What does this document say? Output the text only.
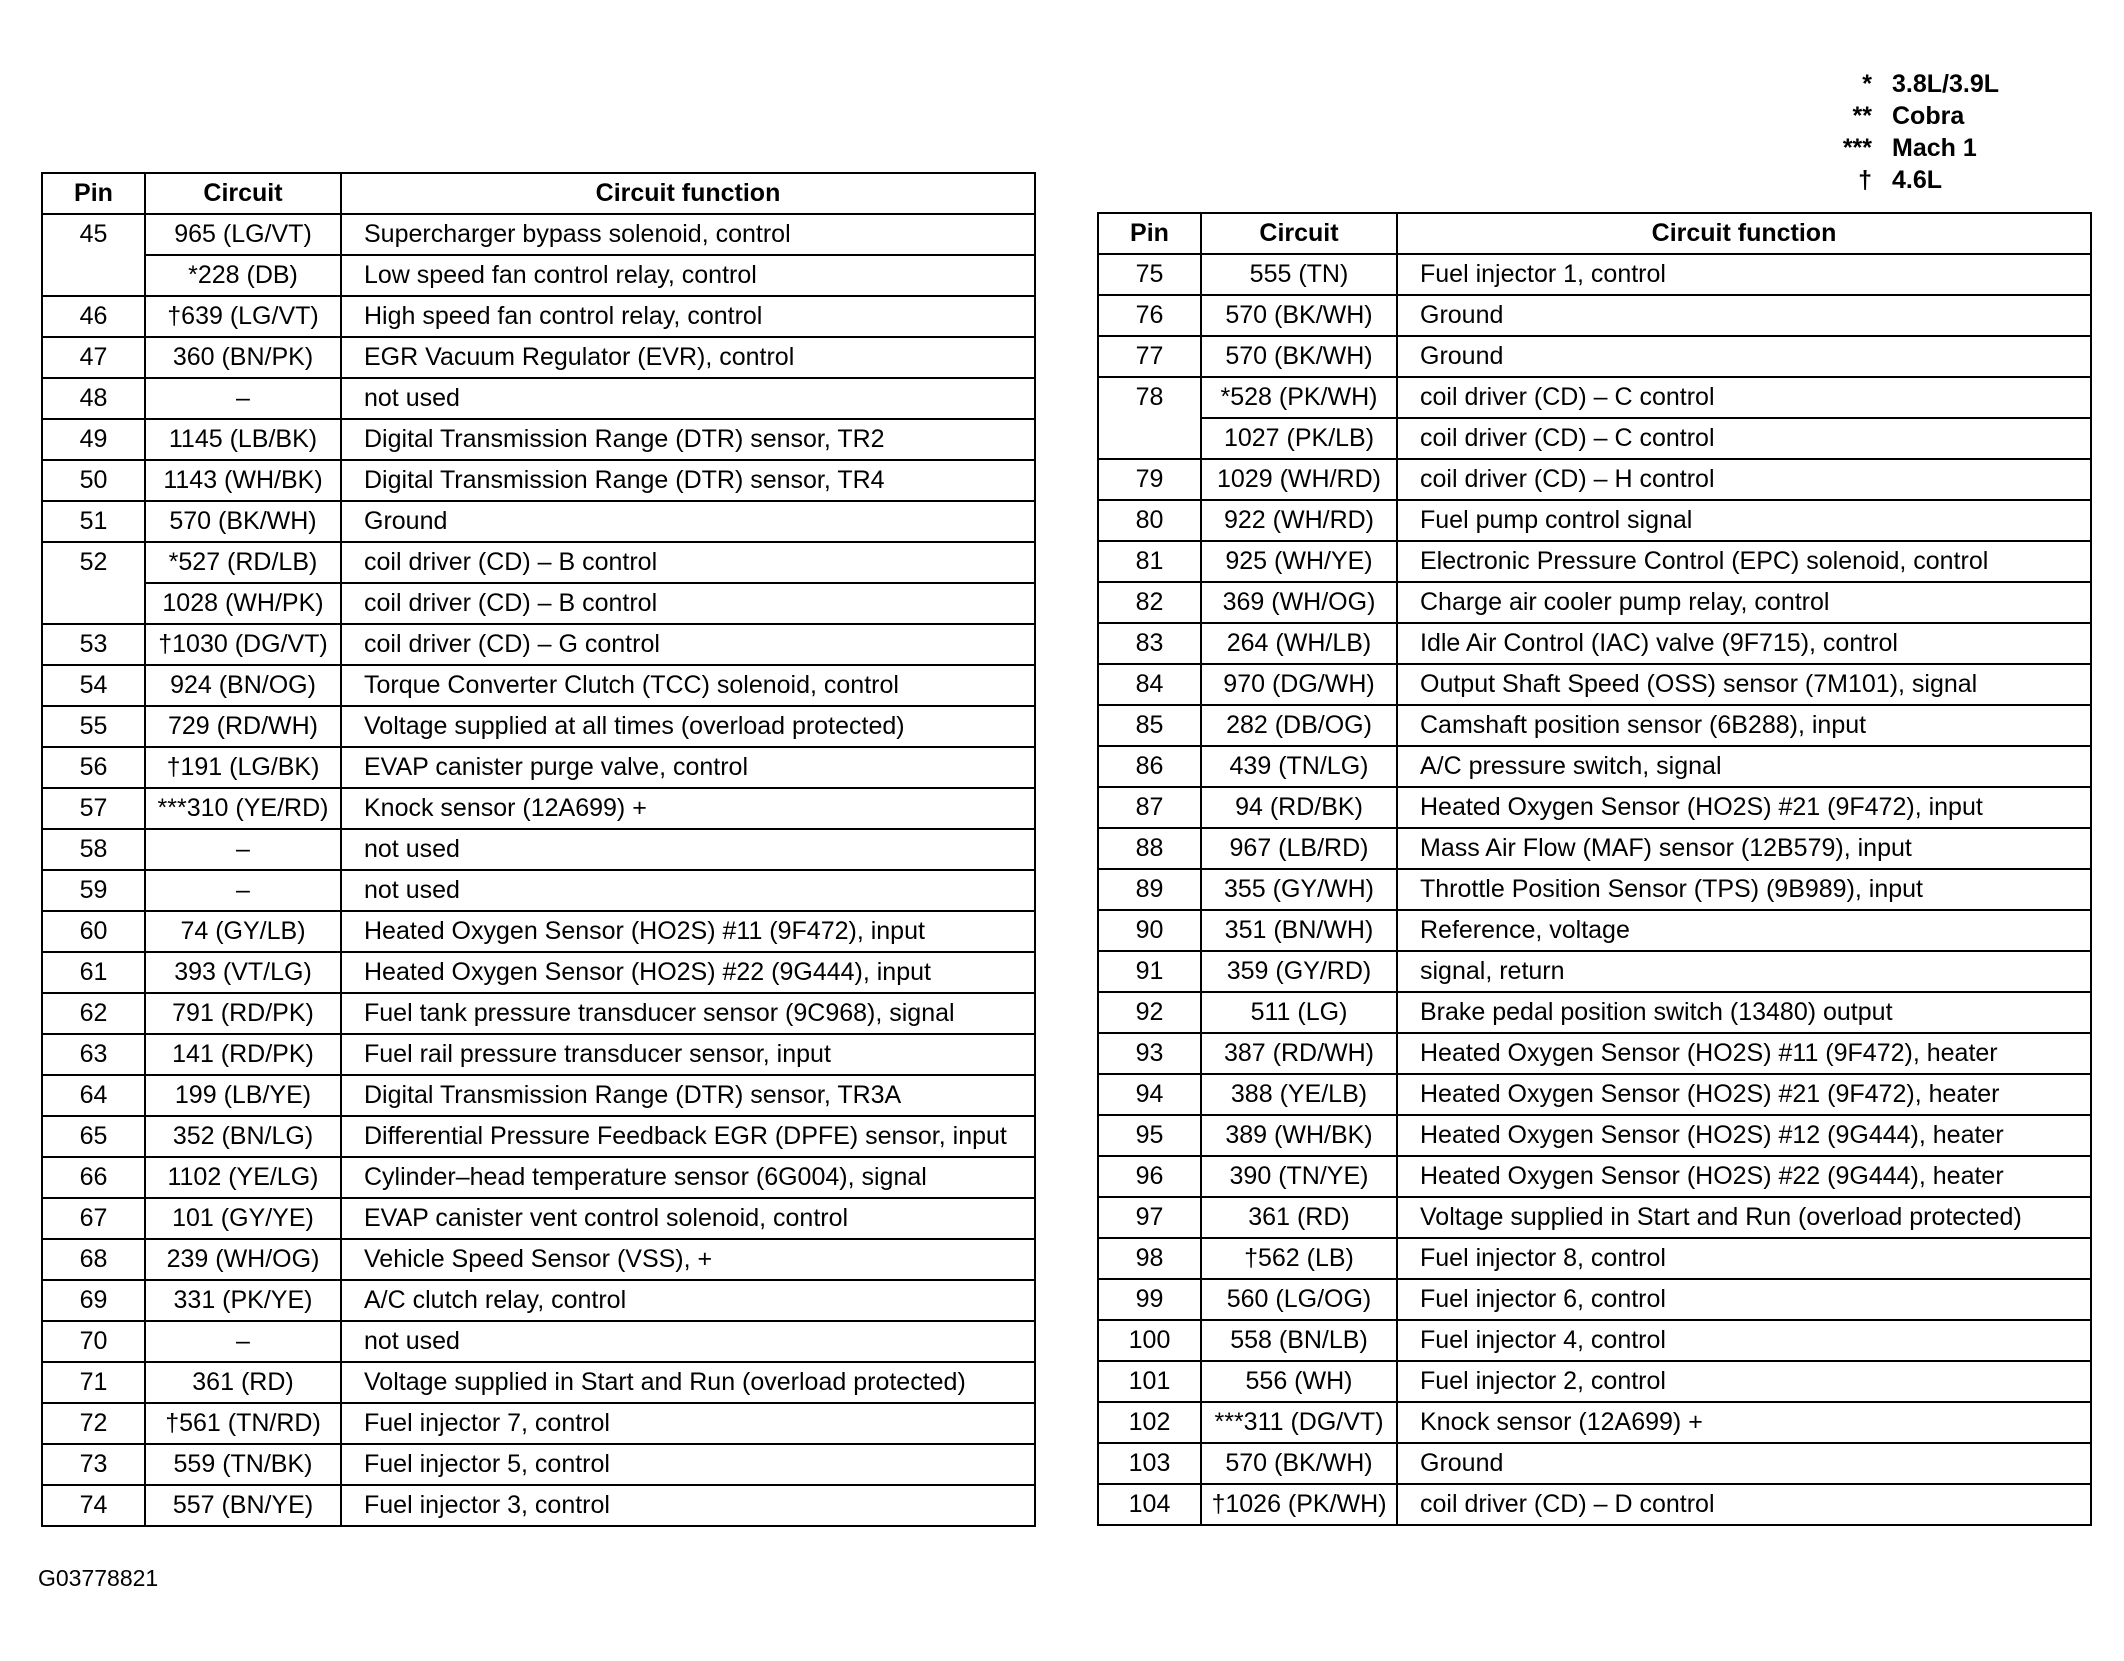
* 3.8L/3.9L
** Cobra
*** Mach 1
† 4.6L
Pin	Circuit	Circuit function
45	965 (LG/VT)	Supercharger bypass solenoid, control
	*228 (DB)	Low speed fan control relay, control
46	†639 (LG/VT)	High speed fan control relay, control
47	360 (BN/PK)	EGR Vacuum Regulator (EVR), control
48	–	not used
49	1145 (LB/BK)	Digital Transmission Range (DTR) sensor, TR2
50	1143 (WH/BK)	Digital Transmission Range (DTR) sensor, TR4
51	570 (BK/WH)	Ground
52	*527 (RD/LB)	coil driver (CD) – B control
	1028 (WH/PK)	coil driver (CD) – B control
53	†1030 (DG/VT)	coil driver (CD) – G control
54	924 (BN/OG)	Torque Converter Clutch (TCC) solenoid, control
55	729 (RD/WH)	Voltage supplied at all times (overload protected)
56	†191 (LG/BK)	EVAP canister purge valve, control
57	***310 (YE/RD)	Knock sensor (12A699) +
58	–	not used
59	–	not used
60	74 (GY/LB)	Heated Oxygen Sensor (HO2S) #11 (9F472), input
61	393 (VT/LG)	Heated Oxygen Sensor (HO2S) #22 (9G444), input
62	791 (RD/PK)	Fuel tank pressure transducer sensor (9C968), signal
63	141 (RD/PK)	Fuel rail pressure transducer sensor, input
64	199 (LB/YE)	Digital Transmission Range (DTR) sensor, TR3A
65	352 (BN/LG)	Differential Pressure Feedback EGR (DPFE) sensor, input
66	1102 (YE/LG)	Cylinder–head temperature sensor (6G004), signal
67	101 (GY/YE)	EVAP canister vent control solenoid, control
68	239 (WH/OG)	Vehicle Speed Sensor (VSS), +
69	331 (PK/YE)	A/C clutch relay, control
70	–	not used
71	361 (RD)	Voltage supplied in Start and Run (overload protected)
72	†561 (TN/RD)	Fuel injector 7, control
73	559 (TN/BK)	Fuel injector 5, control
74	557 (BN/YE)	Fuel injector 3, control
Pin	Circuit	Circuit function
75	555 (TN)	Fuel injector 1, control
76	570 (BK/WH)	Ground
77	570 (BK/WH)	Ground
78	*528 (PK/WH)	coil driver (CD) – C control
	1027 (PK/LB)	coil driver (CD) – C control
79	1029 (WH/RD)	coil driver (CD) – H control
80	922 (WH/RD)	Fuel pump control signal
81	925 (WH/YE)	Electronic Pressure Control (EPC) solenoid, control
82	369 (WH/OG)	Charge air cooler pump relay, control
83	264 (WH/LB)	Idle Air Control (IAC) valve (9F715), control
84	970 (DG/WH)	Output Shaft Speed (OSS) sensor (7M101), signal
85	282 (DB/OG)	Camshaft position sensor (6B288), input
86	439 (TN/LG)	A/C pressure switch, signal
87	94 (RD/BK)	Heated Oxygen Sensor (HO2S) #21 (9F472), input
88	967 (LB/RD)	Mass Air Flow (MAF) sensor (12B579), input
89	355 (GY/WH)	Throttle Position Sensor (TPS) (9B989), input
90	351 (BN/WH)	Reference, voltage
91	359 (GY/RD)	signal, return
92	511 (LG)	Brake pedal position switch (13480) output
93	387 (RD/WH)	Heated Oxygen Sensor (HO2S) #11 (9F472), heater
94	388 (YE/LB)	Heated Oxygen Sensor (HO2S) #21 (9F472), heater
95	389 (WH/BK)	Heated Oxygen Sensor (HO2S) #12 (9G444), heater
96	390 (TN/YE)	Heated Oxygen Sensor (HO2S) #22 (9G444), heater
97	361 (RD)	Voltage supplied in Start and Run (overload protected)
98	†562 (LB)	Fuel injector 8, control
99	560 (LG/OG)	Fuel injector 6, control
100	558 (BN/LB)	Fuel injector 4, control
101	556 (WH)	Fuel injector 2, control
102	***311 (DG/VT)	Knock sensor (12A699) +
103	570 (BK/WH)	Ground
104	†1026 (PK/WH)	coil driver (CD) – D control
G03778821
